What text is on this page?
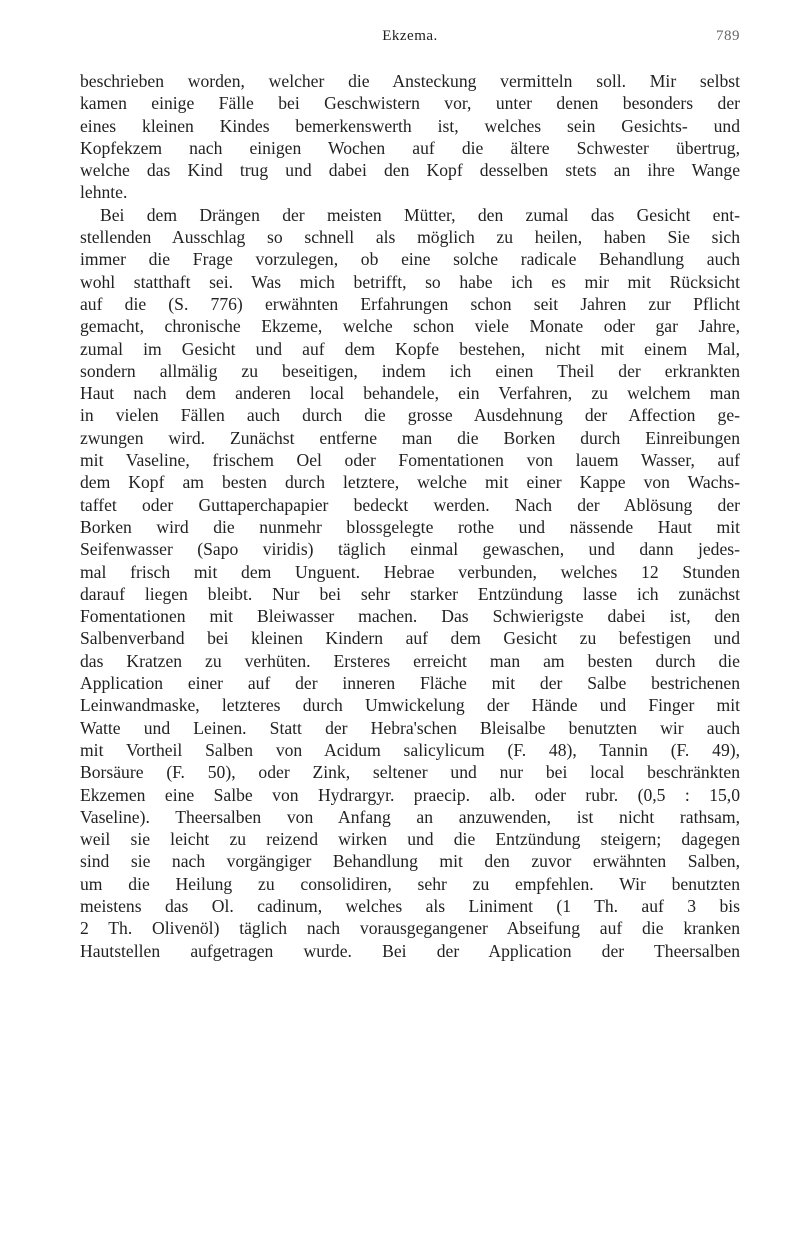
Ekzema.	789
beschrieben worden, welcher die Ansteckung vermitteln soll. Mir selbst
kamen einige Fälle bei Geschwistern vor, unter denen besonders der
eines kleinen Kindes bemerkenswerth ist, welches sein Gesichts- und
Kopfekzem nach einigen Wochen auf die ältere Schwester übertrug,
welche das Kind trug und dabei den Kopf desselben stets an ihre Wange
lehnte.
Bei dem Drängen der meisten Mütter, den zumal das Gesicht ent-
stellenden Ausschlag so schnell als möglich zu heilen, haben Sie sich
immer die Frage vorzulegen, ob eine solche radicale Behandlung auch
wohl statthaft sei. Was mich betrifft, so habe ich es mir mit Rücksicht
auf die (S. 776) erwähnten Erfahrungen schon seit Jahren zur Pflicht
gemacht, chronische Ekzeme, welche schon viele Monate oder gar Jahre,
zumal im Gesicht und auf dem Kopfe bestehen, nicht mit einem Mal,
sondern allmälig zu beseitigen, indem ich einen Theil der erkrankten
Haut nach dem anderen local behandele, ein Verfahren, zu welchem man
in vielen Fällen auch durch die grosse Ausdehnung der Affection ge-
zwungen wird. Zunächst entferne man die Borken durch Einreibungen
mit Vaseline, frischem Oel oder Fomentationen von lauem Wasser, auf
dem Kopf am besten durch letztere, welche mit einer Kappe von Wachs-
taffet oder Guttaperchapapier bedeckt werden. Nach der Ablösung der
Borken wird die nunmehr blossgelegte rothe und nässende Haut mit
Seifenwasser (Sapo viridis) täglich einmal gewaschen, und dann jedes-
mal frisch mit dem Unguent. Hebrae verbunden, welches 12 Stunden
darauf liegen bleibt. Nur bei sehr starker Entzündung lasse ich zunächst
Fomentationen mit Bleiwasser machen. Das Schwierigste dabei ist, den
Salbenverband bei kleinen Kindern auf dem Gesicht zu befestigen und
das Kratzen zu verhüten. Ersteres erreicht man am besten durch die
Application einer auf der inneren Fläche mit der Salbe bestrichenen
Leinwandmaske, letzteres durch Umwickelung der Hände und Finger mit
Watte und Leinen. Statt der Hebra'schen Bleisalbe benutzten wir auch
mit Vortheil Salben von Acidum salicylicum (F. 48), Tannin (F. 49),
Borsäure (F. 50), oder Zink, seltener und nur bei local beschränkten
Ekzemen eine Salbe von Hydrargyr. praecip. alb. oder rubr. (0,5 : 15,0
Vaseline). Theersalben von Anfang an anzuwenden, ist nicht rathsam,
weil sie leicht zu reizend wirken und die Entzündung steigern; dagegen
sind sie nach vorgängiger Behandlung mit den zuvor erwähnten Salben,
um die Heilung zu consolidiren, sehr zu empfehlen. Wir benutzten
meistens das Ol. cadinum, welches als Liniment (1 Th. auf 3 bis
2 Th. Olivenöl) täglich nach vorausgegangener Abseifung auf die kranken
Hautstellen aufgetragen wurde. Bei der Application der Theersalben
